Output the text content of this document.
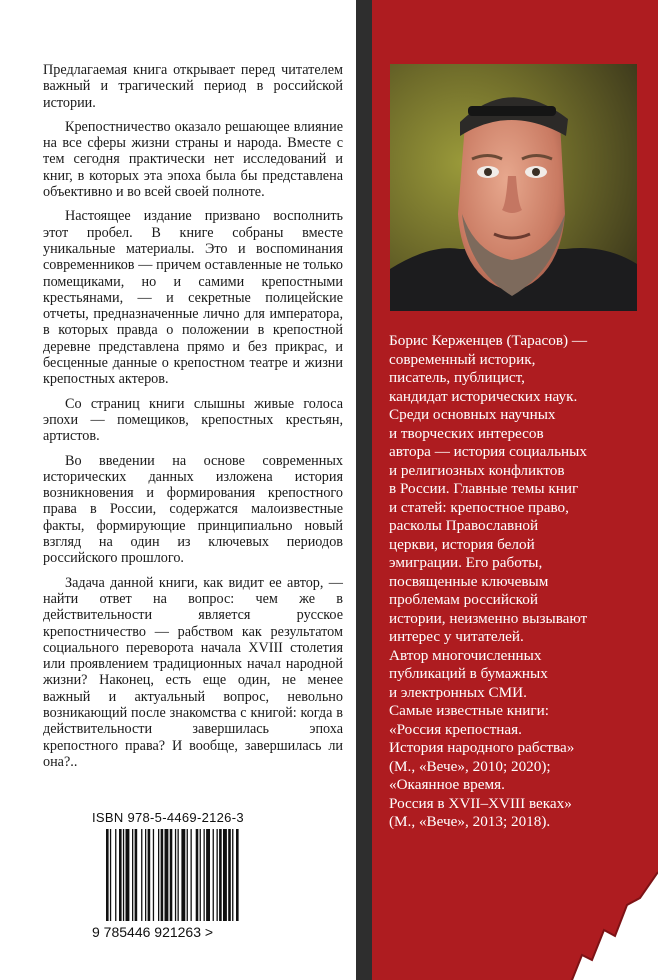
Предлагаемая книга открывает перед читателем важный и трагический период в российской истории.

Крепостничество оказало решающее влияние на все сферы жизни страны и народа. Вместе с тем сегодня практически нет исследований и книг, в которых эта эпоха была бы представлена объективно и во всей своей полноте.

Настоящее издание призвано восполнить этот пробел. В книге собраны вместе уникальные материалы. Это и воспоминания современников — причем оставленные не только помещиками, но и самими крепостными крестьянами, — и секретные полицейские отчеты, предназначенные лично для императора, в которых правда о положении в крепостной деревне представлена прямо и без прикрас, и бесценные данные о крепостном театре и жизни крепостных актеров.

Со страниц книги слышны живые голоса эпохи — помещиков, крепостных крестьян, артистов.

Во введении на основе современных исторических данных изложена история возникновения и формирования крепостного права в России, содержатся малоизвестные факты, формирующие принципиально новый взгляд на один из ключевых периодов российского прошлого.

Задача данной книги, как видит ее автор, — найти ответ на вопрос: чем же в действительности является русское крепостничество — рабством как результатом социального переворота начала XVIII столетия или проявлением традиционных начал народной жизни? Наконец, есть еще один, не менее важный и актуальный вопрос, невольно возникающий после знакомства с книгой: когда в действительности завершилась эпоха крепостного права? И вообще, завершилась ли она?..

ISBN 978-5-4469-2126-3
9 785446 921263 >
Борис Керженцев (Тарасов) —
современный историк,
писатель, публицист,
кандидат исторических наук.
Среди основных научных
и творческих интересов
автора — история социальных
и религиозных конфликтов
в России. Главные темы книг
и статей: крепостное право,
расколы Православной
церкви, история белой
эмиграции. Его работы,
посвященные ключевым
проблемам российской
истории, неизменно вызывают
интерес у читателей.
Автор многочисленных
публикаций в бумажных
и электронных СМИ.
Самые известные книги:
«Россия крепостная.
История народного рабства»
(М., «Вече», 2010; 2020);
«Окаянное время.
Россия в XVII–XVIII веках»
(М., «Вече», 2013; 2018).
